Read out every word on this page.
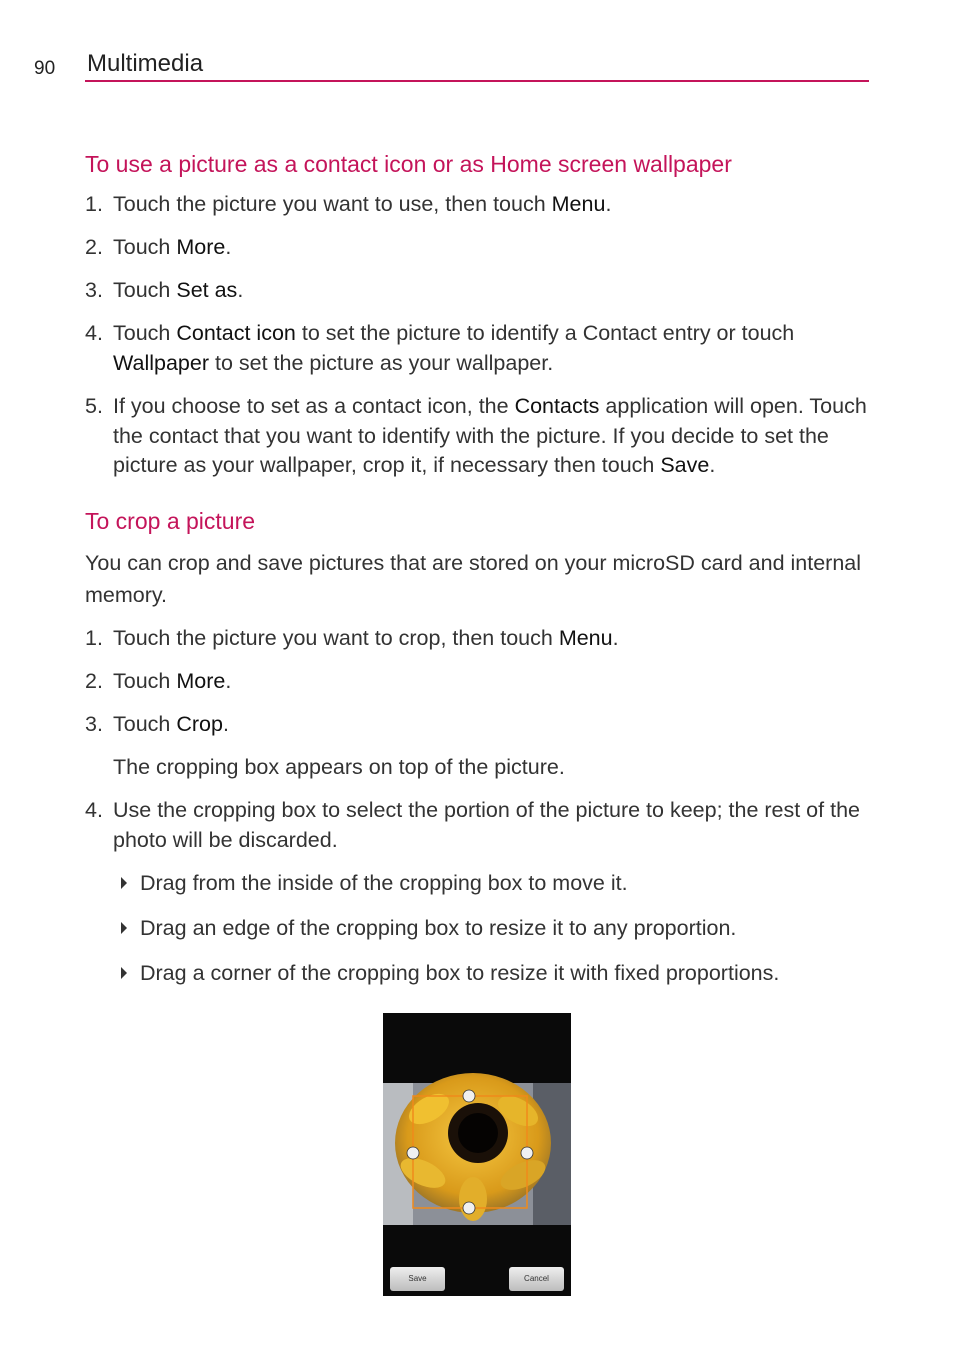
90 Multimedia
To use a picture as a contact icon or as Home screen wallpaper
1. Touch the picture you want to use, then touch Menu.
2. Touch More.
3. Touch Set as.
4. Touch Contact icon to set the picture to identify a Contact entry or touch Wallpaper to set the picture as your wallpaper.
5. If you choose to set as a contact icon, the Contacts application will open. Touch the contact that you want to identify with the picture. If you decide to set the picture as your wallpaper, crop it, if necessary then touch Save.
To crop a picture
You can crop and save pictures that are stored on your microSD card and internal memory.
1. Touch the picture you want to crop, then touch Menu.
2. Touch More.
3. Touch Crop.
The cropping box appears on top of the picture.
4. Use the cropping box to select the portion of the picture to keep; the rest of the photo will be discarded.
Drag from the inside of the cropping box to move it.
Drag an edge of the cropping box to resize it to any proportion.
Drag a corner of the cropping box to resize it with fixed proportions.
Save	Cancel
